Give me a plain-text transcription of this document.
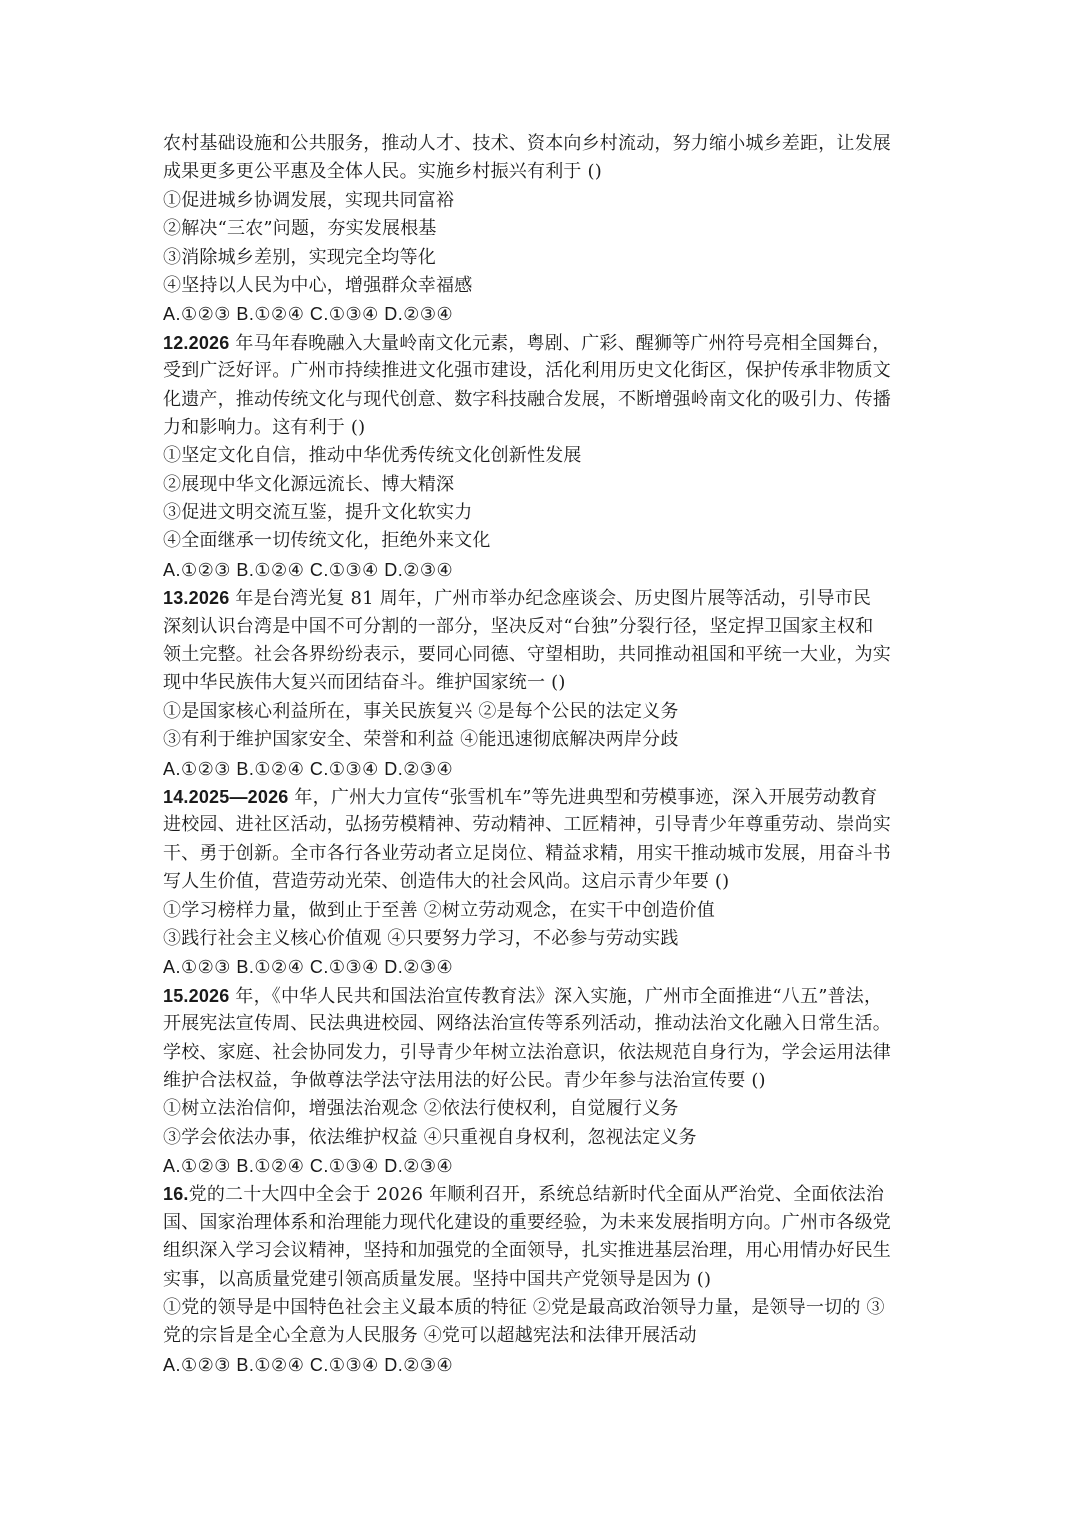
农村基础设施和公共服务，推动人才、技术、资本向乡村流动，努力缩小城乡差距，让发展
成果更多更公平惠及全体人民。实施乡村振兴有利于 ()
①促进城乡协调发展，实现共同富裕
②解决“三农”问题，夯实发展根基
③消除城乡差别，实现完全均等化
④坚持以人民为中心，增强群众幸福感
A.①②③ B.①②④ C.①③④ D.②③④
12.2026 年马年春晚融入大量岭南文化元素，粤剧、广彩、醒狮等广州符号亮相全国舞台，
受到广泛好评。广州市持续推进文化强市建设，活化利用历史文化街区，保护传承非物质文
化遗产，推动传统文化与现代创意、数字科技融合发展，不断增强岭南文化的吸引力、传播
力和影响力。这有利于 ()
①坚定文化自信，推动中华优秀传统文化创新性发展
②展现中华文化源远流长、博大精深
③促进文明交流互鉴，提升文化软实力
④全面继承一切传统文化，拒绝外来文化
A.①②③ B.①②④ C.①③④ D.②③④
13.2026 年是台湾光复 81 周年，广州市举办纪念座谈会、历史图片展等活动，引导市民
深刻认识台湾是中国不可分割的一部分，坚决反对“台独”分裂行径，坚定捍卫国家主权和
领土完整。社会各界纷纷表示，要同心同德、守望相助，共同推动祖国和平统一大业，为实
现中华民族伟大复兴而团结奋斗。维护国家统一 ()
①是国家核心利益所在，事关民族复兴 ②是每个公民的法定义务
③有利于维护国家安全、荣誉和利益 ④能迅速彻底解决两岸分歧
A.①②③ B.①②④ C.①③④ D.②③④
14.2025—2026 年，广州大力宣传“张雪机车”等先进典型和劳模事迹，深入开展劳动教育
进校园、进社区活动，弘扬劳模精神、劳动精神、工匠精神，引导青少年尊重劳动、崇尚实
干、勇于创新。全市各行各业劳动者立足岗位、精益求精，用实干推动城市发展，用奋斗书
写人生价值，营造劳动光荣、创造伟大的社会风尚。这启示青少年要 ()
①学习榜样力量，做到止于至善 ②树立劳动观念，在实干中创造价值
③践行社会主义核心价值观 ④只要努力学习，不必参与劳动实践
A.①②③ B.①②④ C.①③④ D.②③④
15.2026 年，《中华人民共和国法治宣传教育法》深入实施，广州市全面推进“八五”普法，
开展宪法宣传周、民法典进校园、网络法治宣传等系列活动，推动法治文化融入日常生活。
学校、家庭、社会协同发力，引导青少年树立法治意识，依法规范自身行为，学会运用法律
维护合法权益，争做尊法学法守法用法的好公民。青少年参与法治宣传要 ()
①树立法治信仰，增强法治观念 ②依法行使权利，自觉履行义务
③学会依法办事，依法维护权益 ④只重视自身权利，忽视法定义务
A.①②③ B.①②④ C.①③④ D.②③④
16.党的二十大四中全会于 2026 年顺利召开，系统总结新时代全面从严治党、全面依法治
国、国家治理体系和治理能力现代化建设的重要经验，为未来发展指明方向。广州市各级党
组织深入学习会议精神，坚持和加强党的全面领导，扎实推进基层治理，用心用情办好民生
实事，以高质量党建引领高质量发展。坚持中国共产党领导是因为 ()
①党的领导是中国特色社会主义最本质的特征 ②党是最高政治领导力量，是领导一切的 ③
党的宗旨是全心全意为人民服务 ④党可以超越宪法和法律开展活动
A.①②③ B.①②④ C.①③④ D.②③④
